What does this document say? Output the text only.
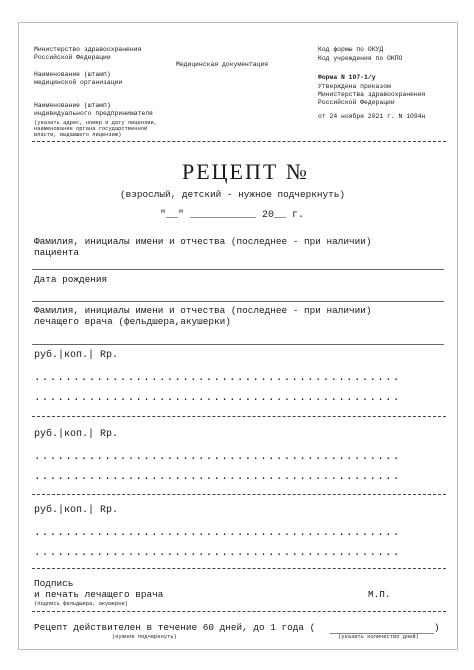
Министерство здравоохранения
Российской Федерации
Наименование (штамп)
медицинской организации
Наименование (штамп)
индивидуального предпринимателя
(указать адрес, номер и дату лицензии,
наименование органа государственной
власти, выдавшего лицензию)
Медицинская документация
Код формы по ОКУД
Код учреждения по ОКПО
Форма N 107-1/у
Утверждена приказом
Министерства здравоохранения
Российской Федерации
от 24 ноября 2021 г. N 1094н
РЕЦЕПТ №
(взрослый, детский - нужное подчеркнуть)
"__" ___________ 20__ г.
Фамилия, инициалы имени и отчества (последнее - при наличии)
пациента
Дата рождения
Фамилия, инициалы имени и отчества (последнее - при наличии)
лечащего врача (фельдшера,акушерки)
руб.|коп.| Rp.
...............................................
...............................................
руб.|коп.| Rp.
...............................................
...............................................
руб.|коп.| Rp.
...............................................
...............................................
Подпись
и печать лечащего врача
(подпись фельдшера, акушерки)
М.П.
Рецепт действителен в течение 60 дней, до 1 года (	)
(нужное подчеркнуть)	(указать количество дней)
